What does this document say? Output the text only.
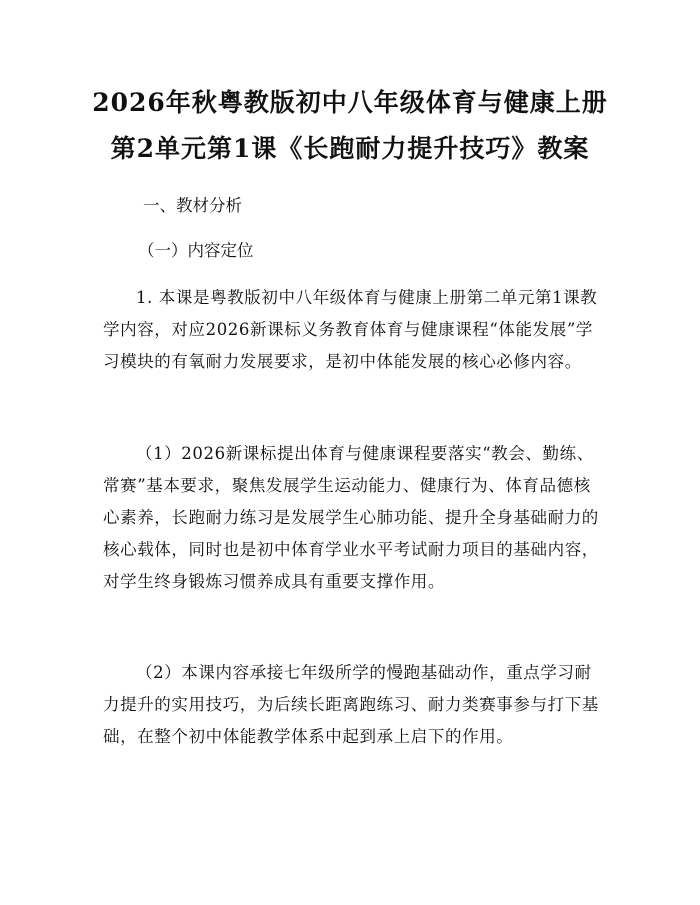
2026年秋粤教版初中八年级体育与健康上册
第2单元第1课《长跑耐力提升技巧》教案
一、教材分析
（一）内容定位
1. 本课是粤教版初中八年级体育与健康上册第二单元第1课教学内容，对应2026新课标义务教育体育与健康课程“体能发展”学习模块的有氧耐力发展要求，是初中体能发展的核心必修内容。
（1）2026新课标提出体育与健康课程要落实“教会、勤练、常赛”基本要求，聚焦发展学生运动能力、健康行为、体育品德核心素养，长跑耐力练习是发展学生心肺功能、提升全身基础耐力的核心载体，同时也是初中体育学业水平考试耐力项目的基础内容，对学生终身锻炼习惯养成具有重要支撑作用。
（2）本课内容承接七年级所学的慢跑基础动作，重点学习耐力提升的实用技巧，为后续长距离跑练习、耐力类赛事参与打下基础，在整个初中体能教学体系中起到承上启下的作用。
